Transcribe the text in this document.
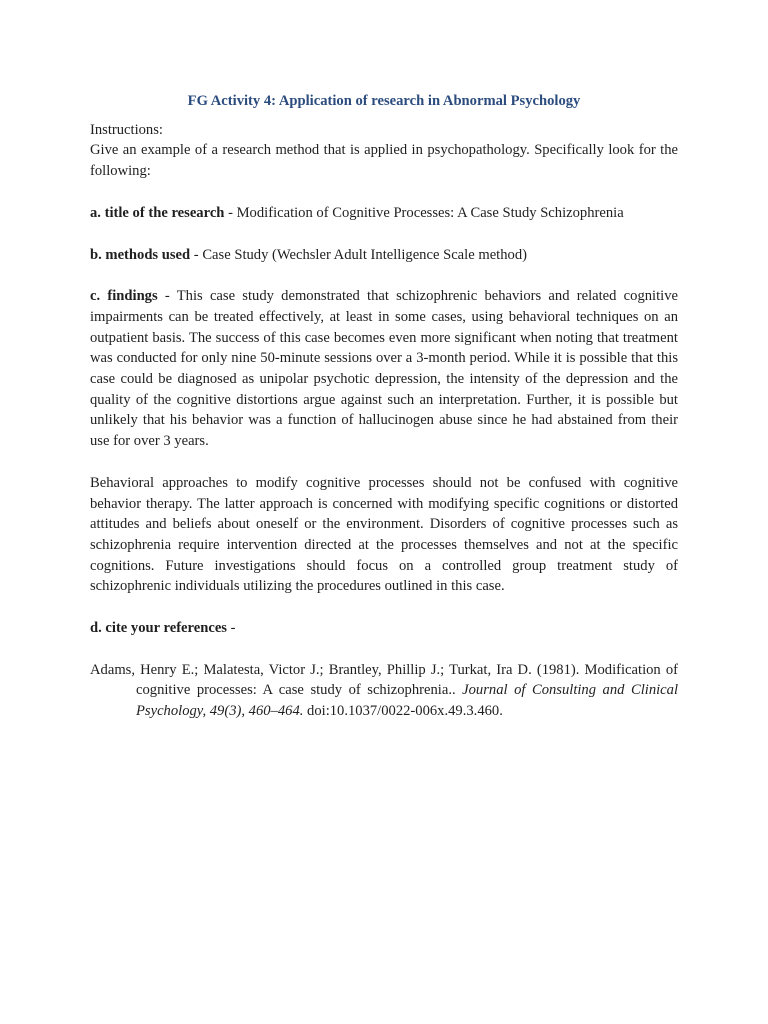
FG Activity 4: Application of research in Abnormal Psychology

Instructions:
Give an example of a research method that is applied in psychopathology. Specifically look for the following:

a. title of the research - Modification of Cognitive Processes: A Case Study Schizophrenia

b. methods used - Case Study (Wechsler Adult Intelligence Scale method)

c. findings - This case study demonstrated that schizophrenic behaviors and related cognitive impairments can be treated effectively, at least in some cases, using behavioral techniques on an outpatient basis. The success of this case becomes even more significant when noting that treatment was conducted for only nine 50-minute sessions over a 3-month period. While it is possible that this case could be diagnosed as unipolar psychotic depression, the intensity of the depression and the quality of the cognitive distortions argue against such an interpretation. Further, it is possible but unlikely that his behavior was a function of hallucinogen abuse since he had abstained from their use for over 3 years.

Behavioral approaches to modify cognitive processes should not be confused with cognitive behavior therapy. The latter approach is concerned with modifying specific cognitions or distorted attitudes and beliefs about oneself or the environment. Disorders of cognitive processes such as schizophrenia require intervention directed at the processes themselves and not at the specific cognitions. Future investigations should focus on a controlled group treatment study of schizophrenic individuals utilizing the procedures outlined in this case.

d. cite your references -

Adams, Henry E.; Malatesta, Victor J.; Brantley, Phillip J.; Turkat, Ira D. (1981). Modification of cognitive processes: A case study of schizophrenia.. Journal of Consulting and Clinical Psychology, 49(3), 460–464. doi:10.1037/0022-006x.49.3.460.
